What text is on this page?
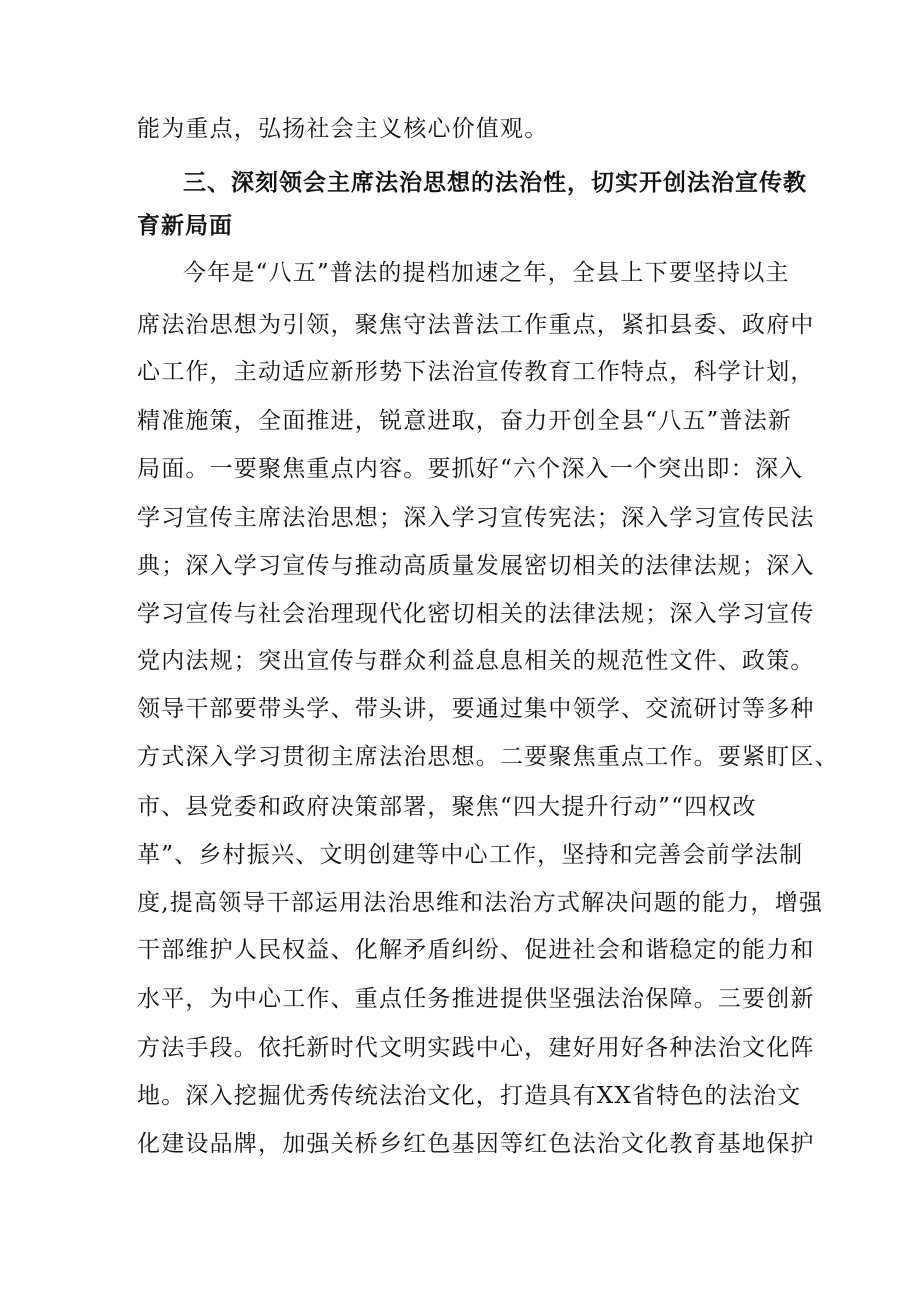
能为重点，弘扬社会主义核心价值观。
三、深刻领会主席法治思想的法治性，切实开创法治宣传教
育新局面
今年是“八五”普法的提档加速之年，全县上下要坚持以主
席法治思想为引领，聚焦守法普法工作重点，紧扣县委、政府中
心工作，主动适应新形势下法治宣传教育工作特点，科学计划，
精准施策，全面推进，锐意进取，奋力开创全县“八五”普法新
局面。一要聚焦重点内容。要抓好“六个深入一个突出即：深入
学习宣传主席法治思想；深入学习宣传宪法；深入学习宣传民法
典；深入学习宣传与推动高质量发展密切相关的法律法规；深入
学习宣传与社会治理现代化密切相关的法律法规；深入学习宣传
党内法规；突出宣传与群众利益息息相关的规范性文件、政策。
领导干部要带头学、带头讲，要通过集中领学、交流研讨等多种
方式深入学习贯彻主席法治思想。二要聚焦重点工作。要紧盯区、
市、县党委和政府决策部署，聚焦“四大提升行动”“四权改
革”、乡村振兴、文明创建等中心工作，坚持和完善会前学法制
度,提高领导干部运用法治思维和法治方式解决问题的能力，增强
干部维护人民权益、化解矛盾纠纷、促进社会和谐稳定的能力和
水平，为中心工作、重点任务推进提供坚强法治保障。三要创新
方法手段。依托新时代文明实践中心，建好用好各种法治文化阵
地。深入挖掘优秀传统法治文化，打造具有XX省特色的法治文
化建设品牌，加强关桥乡红色基因等红色法治文化教育基地保护
